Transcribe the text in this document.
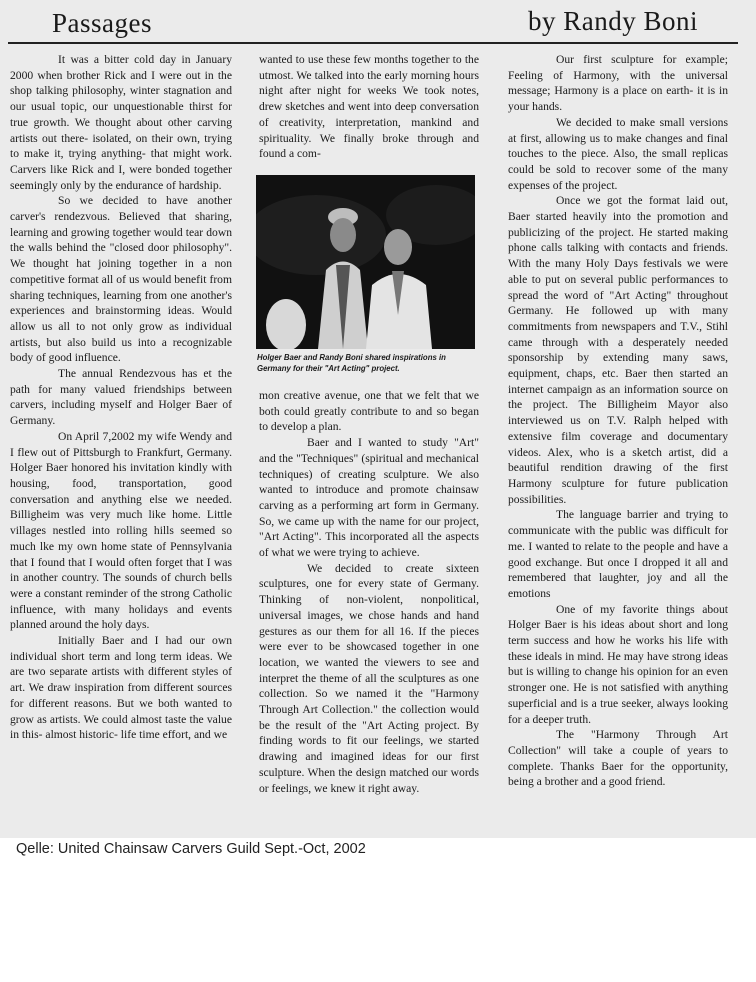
Passages	by Randy Boni

It was a bitter cold day in January 2000 when brother Rick and I were out in the shop talking philosophy, winter stagnation and our usual topic, our unquestionable thirst for true growth. We thought about other carving artists out there- isolated, on their own, trying to make it, trying anything- that might work. Carvers like Rick and I, were bonded together seemingly only by the endurance of hardship.

So we decided to have another carver's rendezvous. Believed that sharing, learning and growing together would tear down the walls behind the "closed door philosophy". We thought hat joining together in a non competitive format all of us would benefit from sharing techniques, learning from one another's experiences and brainstorming ideas. Would allow us all to not only grow as individual artists, but also build us into a recognizable body of good influence.

The annual Rendezvous has et the path for many valued friendships between carvers, including myself and Holger Baer of Germany.

On April 7,2002 my wife Wendy and I flew out of Pittsburgh to Frankfurt, Germany. Holger Baer honored his invitation kindly with housing, food, transportation, good conversation and anything else we needed. Billigheim was very much like home. Little villages nestled into rolling hills seemed so much lke my own home state of Pennsylvania that I found that I would often forget that I was in another country. The sounds of church bells were a constant reminder of the strong Catholic influence, with many holidays and events planned around the holy days.

Initially Baer and I had our own individual short term and long term ideas. We are two separate artists with different styles of art. We draw inspiration from different sources for different reasons. But we both wanted to grow as artists. We could almost taste the value in this- almost historic- life time effort, and we

wanted to use these few months together to the utmost. We talked into the early morning hours night after night for weeks We took notes, drew sketches and went into deep conversation of creativity, interpretation, mankind and spirituality. We finally broke through and found a com-

Holger Baer and Randy Boni shared inspirations in Germany for their "Art Acting" project.

mon creative avenue, one that we felt that we both could greatly contribute to and so began to develop a plan.

Baer and I wanted to study "Art" and the "Techniques" (spiritual and mechanical techniques) of creating sculpture. We also wanted to introduce and promote chainsaw carving as a performing art form in Germany. So, we came up with the name for our project, "Art Acting". This incorporated all the aspects of what we were trying to achieve.

We decided to create sixteen sculptures, one for every state of Germany. Thinking of non-violent, nonpolitical, universal images, we chose hands and hand gestures as our them for all 16. If the pieces were ever to be showcased together in one location, we wanted the viewers to see and interpret the theme of all the sculptures as one collection. So we named it the "Harmony Through Art Collection." the collection would be the result of the "Art Acting project. By finding words to fit our feelings, we started drawing and imagined ideas for our first sculpture. When the design matched our words or feelings, we knew it right away.

Our first sculpture for example; Feeling of Harmony, with the universal message; Harmony is a place on earth- it is in your hands.

We decided to make small versions at first, allowing us to make changes and final touches to the piece. Also, the small replicas could be sold to recover some of the many expenses of the project.

Once we got the format laid out, Baer started heavily into the promotion and publicizing of the project. He started making phone calls talking with contacts and friends. With the many Holy Days festivals we were able to put on several public performances to spread the word of "Art Acting" throughout Germany. He followed up with many commitments from newspapers and T.V., Stihl came through with a desperately needed sponsorship by extending many saws, equipment, chaps, etc. Baer then started an internet campaign as an information source on the project. The Billigheim Mayor also interviewed us on T.V. Ralph helped with extensive film coverage and documentary videos. Alex, who is a sketch artist, did a beautiful rendition drawing of the first Harmony sculpture for future publication possibilities.

The language barrier and trying to communicate with the public was difficult for me. I wanted to relate to the people and have a good exchange. But once I dropped it all and remembered that laughter, joy and all the emotions

One of my favorite things about Holger Baer is his ideas about short and long term success and how he works his life with these ideals in mind. He may have strong ideas but is willing to change his opinion for an even stronger one. He is not satisfied with anything superficial and is a true seeker, always looking for a deeper truth.

The "Harmony Through Art Collection" will take a couple of years to complete. Thanks Baer for the opportunity, being a brother and a good friend.

Qelle: United Chainsaw Carvers Guild Sept.-Oct, 2002
